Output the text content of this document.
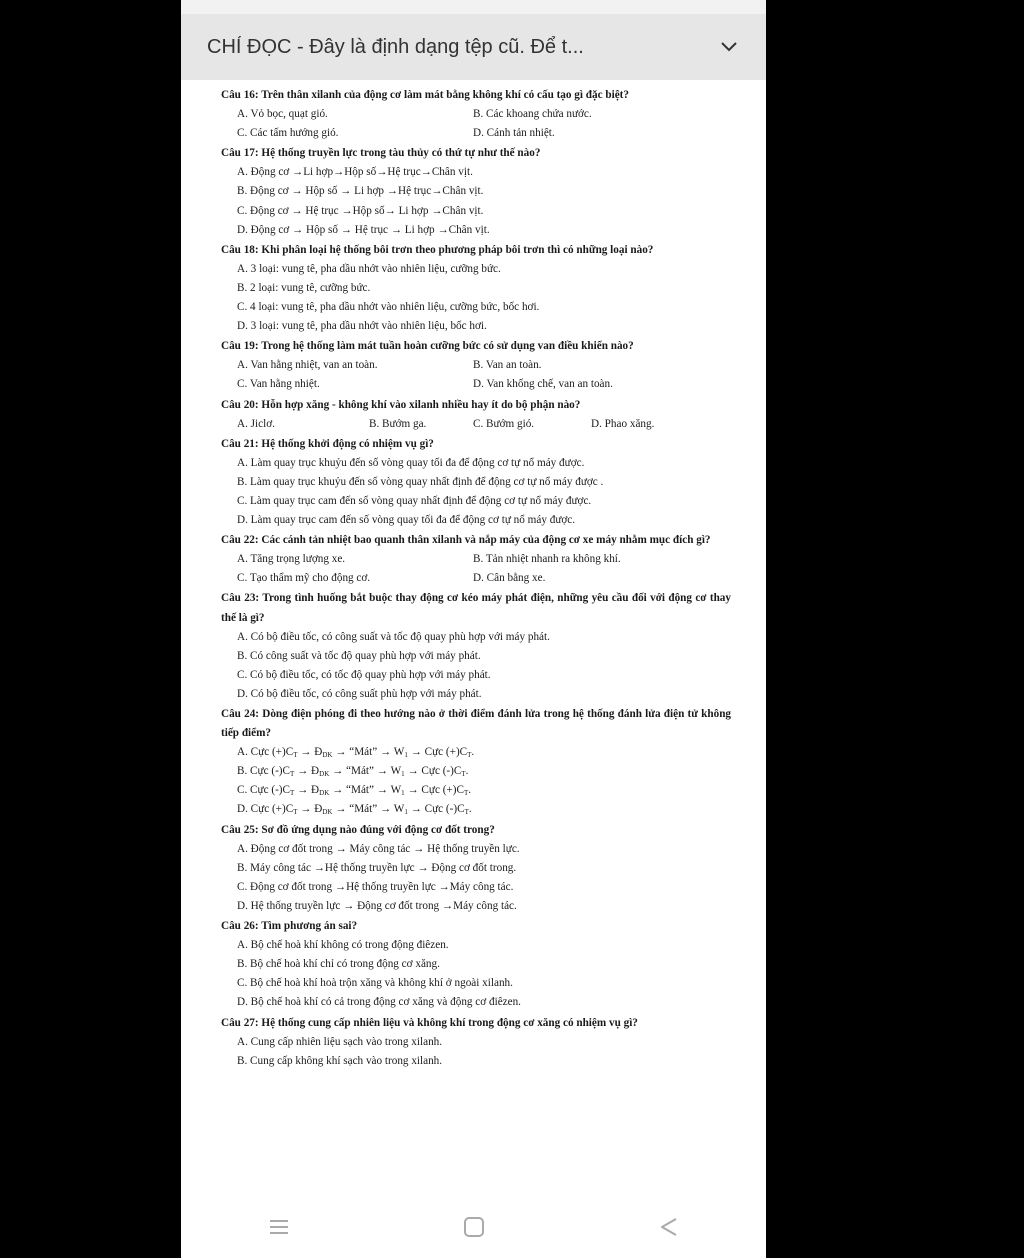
CHỈ ĐỌC - Đây là định dạng tệp cũ. Để t...
Câu 16: Trên thân xilanh của động cơ làm mát bằng không khí có cấu tạo gì đặc biệt?
A. Vỏ bọc, quạt gió.	B. Các khoang chứa nước.
C. Các tấm hướng gió.	D. Cánh tản nhiệt.
Câu 17: Hệ thống truyền lực trong tàu thủy có thứ tự như thế nào?
A. Động cơ →Li hợp→Hộp số→Hệ trục→Chân vịt.
B. Động cơ → Hộp số → Li hợp →Hệ trục→Chân vịt.
C. Động cơ → Hệ trục →Hộp số→ Li hợp →Chân vịt.
D. Động cơ → Hộp số → Hệ trục → Li hợp →Chân vịt.
Câu 18: Khi phân loại hệ thống bôi trơn theo phương pháp bôi trơn thì có những loại nào?
A. 3 loại: vung tê, pha dầu nhớt vào nhiên liệu, cưỡng bức.
B. 2 loại: vung tê, cưỡng bức.
C. 4 loại: vung tê, pha dầu nhớt vào nhiên liệu, cưỡng bức, bốc hơi.
D. 3 loại: vung tê, pha dầu nhớt vào nhiên liệu, bốc hơi.
Câu 19: Trong hệ thống làm mát tuần hoàn cưỡng bức có sử dụng van điều khiển nào?
A. Van hằng nhiệt, van an toàn.	B. Van an toàn.
C. Van hằng nhiệt.	D. Van khống chế, van an toàn.
Câu 20: Hỗn hợp xăng - không khí vào xilanh nhiều hay ít do bộ phận nào?
A. Jiclơ.	B. Bướm ga.	C. Bướm gió.	D. Phao xăng.
Câu 21: Hệ thống khởi động có nhiệm vụ gì?
A. Làm quay trục khuỷu đến số vòng quay tối đa để động cơ tự nổ máy được.
B. Làm quay trục khuỷu đến số vòng quay nhất định để động cơ tự nổ máy được .
C. Làm quay trục cam đến số vòng quay nhất định để động cơ tự nổ máy được.
D. Làm quay trục cam đến số vòng quay tối đa để động cơ tự nổ máy được.
Câu 22: Các cánh tản nhiệt bao quanh thân xilanh và nắp máy của động cơ xe máy nhằm mục đích gì?
A. Tăng trọng lượng xe.	B. Tản nhiệt nhanh ra không khí.
C. Tạo thẩm mỹ cho động cơ.	D. Cân bằng xe.
Câu 23: Trong tình huống bắt buộc thay động cơ kéo máy phát điện, những yêu cầu đối với động cơ thay thế là gì?
A. Có bộ điều tốc, có công suất và tốc độ quay phù hợp với máy phát.
B. Có công suất và tốc độ quay phù hợp với máy phát.
C. Có bộ điều tốc, có tốc độ quay phù hợp với máy phát.
D. Có bộ điều tốc, có công suất phù hợp với máy phát.
Câu 24: Dòng điện phóng đi theo hướng nào ở thời điểm đánh lửa trong hệ thống đánh lửa điện tử không tiếp điểm?
A. Cực $(+)C_T$ → $Đ_{DK}$ → “Mát” → $W_1$ → Cực $(+)C_T$.
B. Cực $(-)C_T$ → $Đ_{DK}$ → “Mát” → $W_1$ → Cực $(-)C_T$.
C. Cực $(-)C_T$ → $Đ_{DK}$ → “Mát” → $W_1$ → Cực $(+)C_T$.
D. Cực $(+)C_T$ → $Đ_{DK}$ → “Mát” → $W_1$ → Cực $(-)C_T$.
Câu 25: Sơ đồ ứng dụng nào đúng với động cơ đốt trong?
A. Động cơ đốt trong → Máy công tác → Hệ thống truyền lực.
B. Máy công tác →Hệ thống truyền lực → Động cơ đốt trong.
C. Động cơ đốt trong →Hệ thống truyền lực →Máy công tác.
D. Hệ thống truyền lực → Động cơ đốt trong →Máy công tác.
Câu 26: Tìm phương án sai?
A. Bộ chế hoà khí không có trong động điêzen.
B. Bộ chế hoà khí chỉ có trong động cơ xăng.
C. Bộ chế hoà khí hoà trộn xăng và không khí ở ngoài xilanh.
D. Bộ chế hoà khí có cả trong động cơ xăng và động cơ điêzen.
Câu 27: Hệ thống cung cấp nhiên liệu và không khí trong động cơ xăng có nhiệm vụ gì?
A. Cung cấp nhiên liệu sạch vào trong xilanh.
B. Cung cấp không khí sạch vào trong xilanh.
